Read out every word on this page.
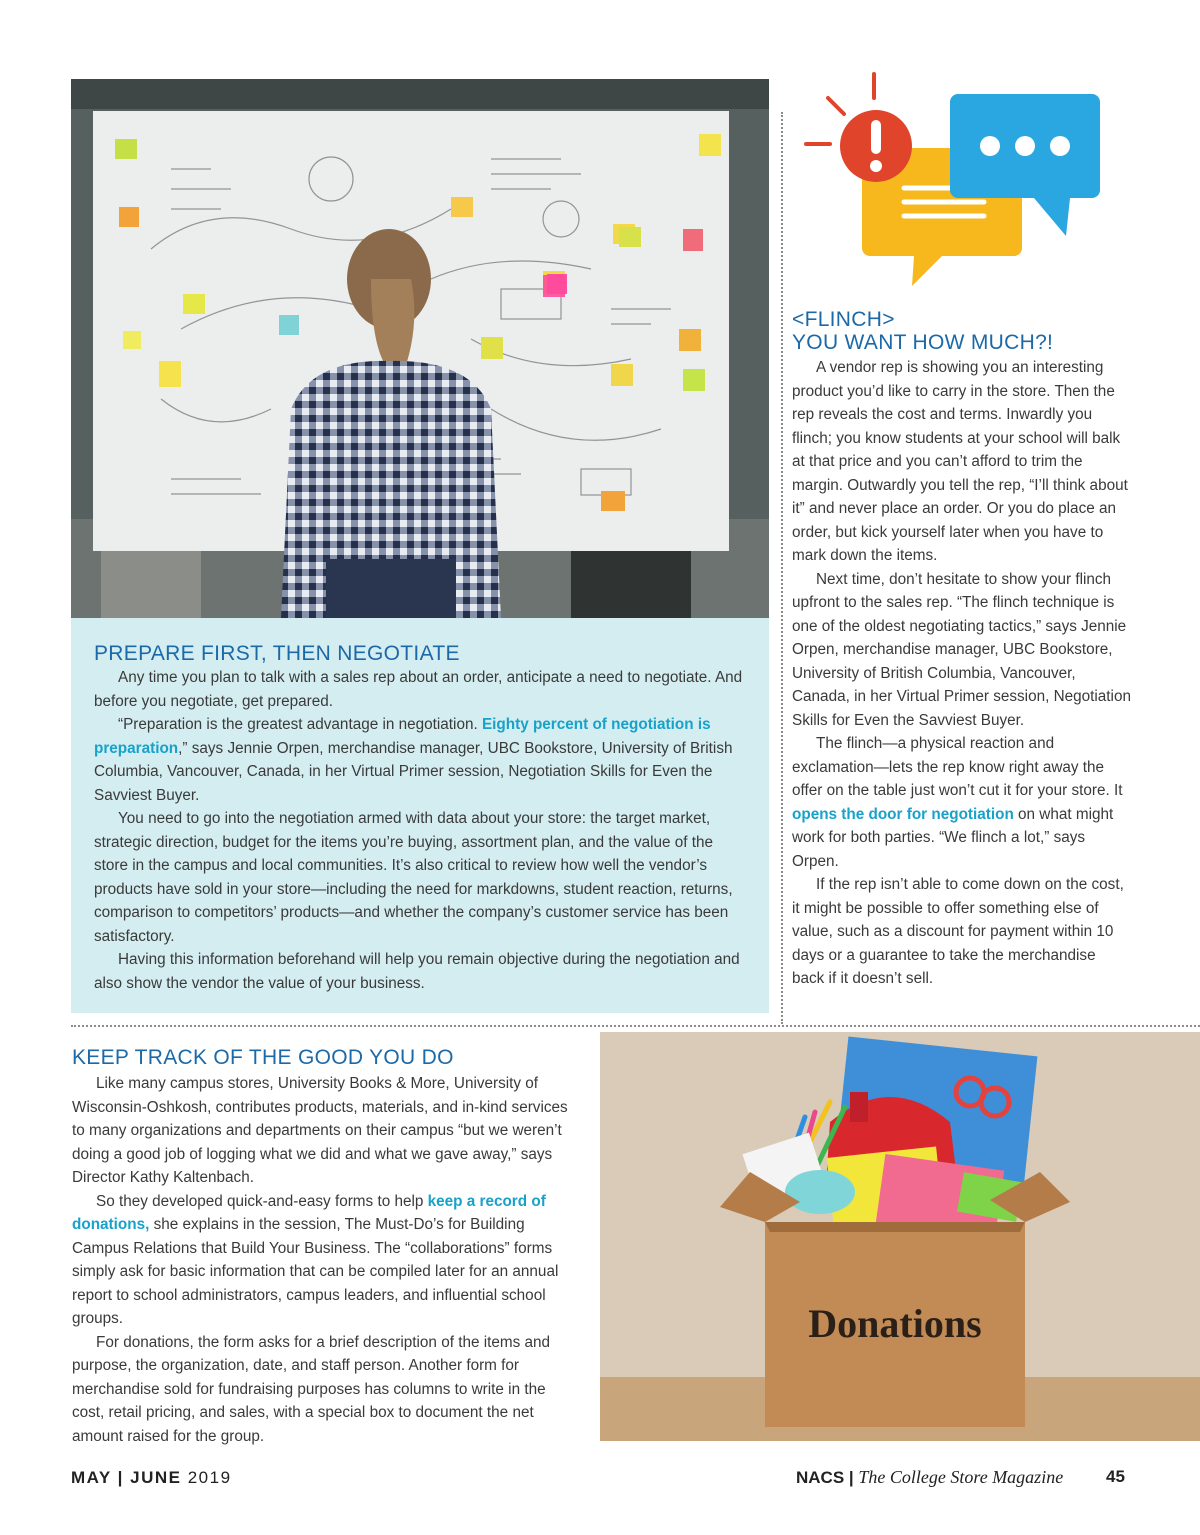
PREPARE FIRST, THEN NEGOTIATE

Any time you plan to talk with a sales rep about an order, anticipate a need to negotiate. And before you negotiate, get prepared.

“Preparation is the greatest advantage in negotiation. Eighty percent of negotiation is preparation,” says Jennie Orpen, merchandise manager, UBC Bookstore, University of British Columbia, Vancouver, Canada, in her Virtual Primer session, Negotiation Skills for Even the Savviest Buyer.

You need to go into the negotiation armed with data about your store: the target market, strategic direction, budget for the items you’re buying, assortment plan, and the value of the store in the campus and local communities. It’s also critical to review how well the vendor’s products have sold in your store—including the need for markdowns, student reaction, returns, comparison to competitors’ products—and whether the company’s customer service has been satisfactory.

Having this information beforehand will help you remain objective during the negotiation and also show the vendor the value of your business.

<FLINCH>
YOU WANT HOW MUCH?!

A vendor rep is showing you an interesting product you’d like to carry in the store. Then the rep reveals the cost and terms. Inwardly you flinch; you know students at your school will balk at that price and you can’t afford to trim the margin. Outwardly you tell the rep, “I’ll think about it” and never place an order. Or you do place an order, but kick yourself later when you have to mark down the items.

Next time, don’t hesitate to show your flinch upfront to the sales rep. “The flinch technique is one of the oldest negotiating tactics,” says Jennie Orpen, merchandise manager, UBC Bookstore, University of British Columbia, Vancouver, Canada, in her Virtual Primer session, Negotiation Skills for Even the Savviest Buyer.

The flinch—a physical reaction and exclamation—lets the rep know right away the offer on the table just won’t cut it for your store. It opens the door for negotiation on what might work for both parties. “We flinch a lot,” says Orpen.

If the rep isn’t able to come down on the cost, it might be possible to offer something else of value, such as a discount for payment within 10 days or a guarantee to take the merchandise back if it doesn’t sell.

KEEP TRACK OF THE GOOD YOU DO

Like many campus stores, University Books & More, University of Wisconsin-Oshkosh, contributes products, materials, and in-kind services to many organizations and departments on their campus “but we weren’t doing a good job of logging what we did and what we gave away,” says Director Kathy Kaltenbach.

So they developed quick-and-easy forms to help keep a record of donations, she explains in the session, The Must-Do’s for Building Campus Relations that Build Your Business. The “collaborations” forms simply ask for basic information that can be compiled later for an annual report to school administrators, campus leaders, and influential school groups.

For donations, the form asks for a brief description of the items and purpose, the organization, date, and staff person. Another form for merchandise sold for fundraising purposes has columns to write in the cost, retail pricing, and sales, with a special box to document the net amount raised for the group.

Donations
MAY | JUNE 2019	NACS | The College Store Magazine	45
